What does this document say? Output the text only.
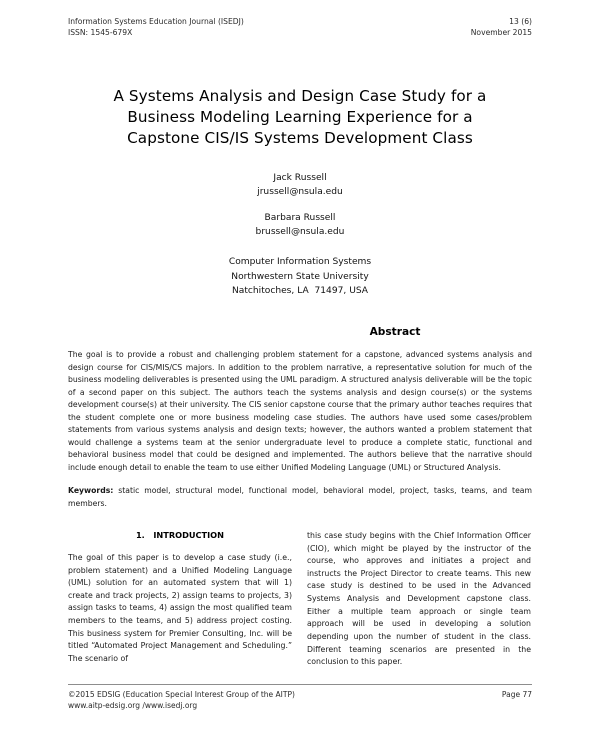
Information Systems Education Journal (ISEDJ)
ISSN: 1545-679X
13 (6)
November 2015
A Systems Analysis and Design Case Study for a
Business Modeling Learning Experience for a
Capstone CIS/IS Systems Development Class
Jack Russell
jrussell@nsula.edu
Barbara Russell
brussell@nsula.edu
Computer Information Systems
Northwestern State University
Natchitoches, LA  71497, USA
Abstract
The goal is to provide a robust and challenging problem statement for a capstone, advanced systems analysis and design course for CIS/MIS/CS majors. In addition to the problem narrative, a representative solution for much of the business modeling deliverables is presented using the UML paradigm. A structured analysis deliverable will be the topic of a second paper on this subject. The authors teach the systems analysis and design course(s) or the systems development course(s) at their university. The CIS senior capstone course that the primary author teaches requires that the student complete one or more business modeling case studies. The authors have used some cases/problem statements from various systems analysis and design texts; however, the authors wanted a problem statement that would challenge a systems team at the senior undergraduate level to produce a complete static, functional and behavioral business model that could be designed and implemented. The authors believe that the narrative should include enough detail to enable the team to use either Unified Modeling Language (UML) or Structured Analysis.
Keywords: static model, structural model, functional model, behavioral model, project, tasks, teams, and team members.
1.   INTRODUCTION

The goal of this paper is to develop a case study (i.e., problem statement) and a Unified Modeling Language (UML) solution for an automated system that will 1) create and track projects, 2) assign teams to projects, 3) assign tasks to teams, 4) assign the most qualified team members to the teams, and 5) address project costing. This business system for Premier Consulting, Inc. will be titled “Automated Project Management and Scheduling.” The scenario of

this case study begins with the Chief Information Officer (CIO), which might be played by the instructor of the course, who approves and initiates a project and instructs the Project Director to create teams. This new case study is destined to be used in the Advanced Systems Analysis and Development capstone class. Either a multiple team approach or single team approach will be used in developing a solution depending upon the number of student in the class. Different teaming scenarios are presented in the conclusion to this paper.

©2015 EDSIG (Education Special Interest Group of the AITP)
www.aitp-edsig.org /www.isedj.org
Page 77
